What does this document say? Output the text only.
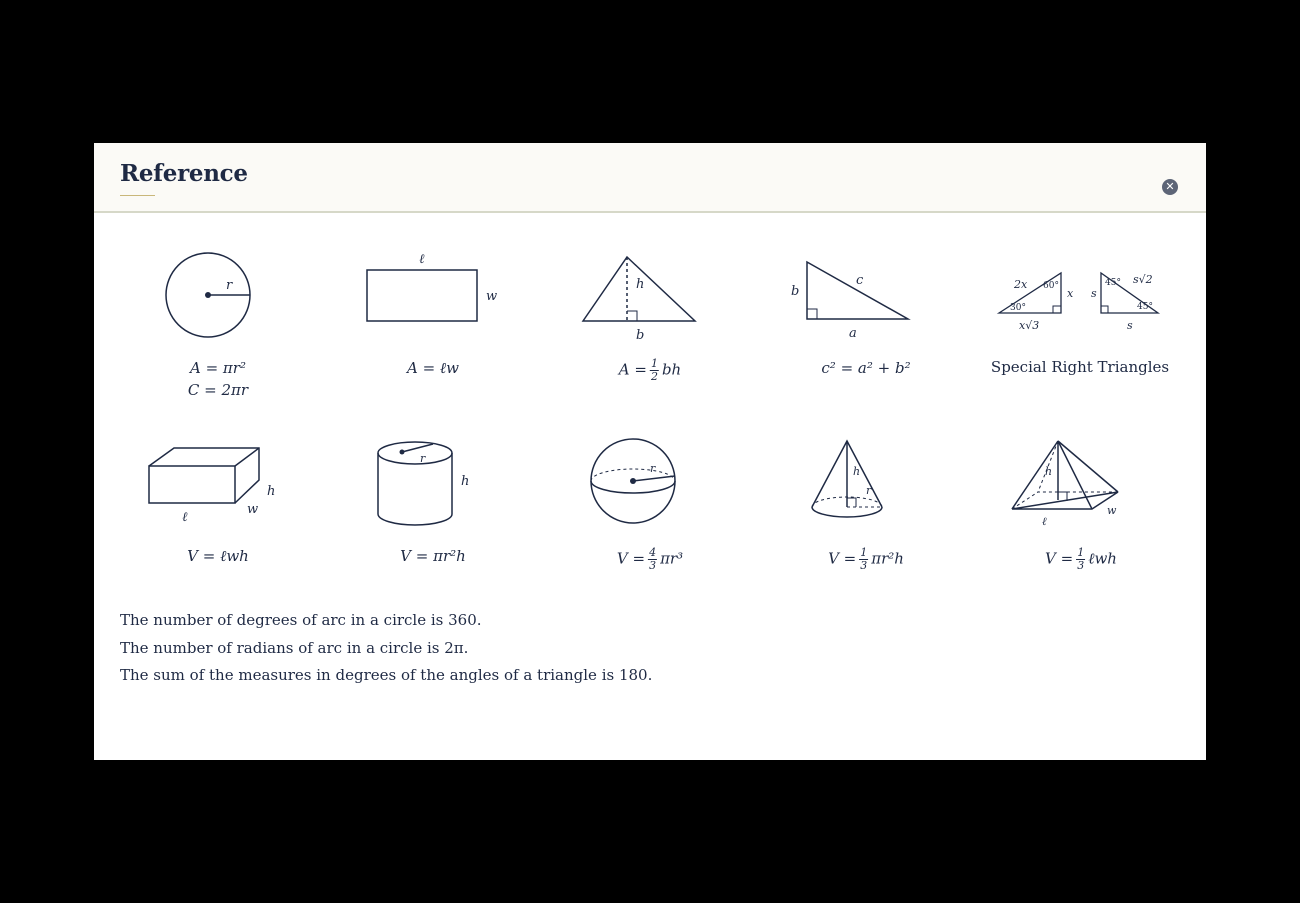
Reference	✕
r
A = πr²
C = 2πr
ℓ
w
A = ℓw
h
b
$A = \frac{1}{2}$ bh
b
c
a
c² = a² + b²
2x 60°
30°
x
x√3
45° s√2
s
45°
s
Special Right Triangles
h
w
ℓ
V = ℓwh
r
h
V = πr²h
r
$V = \frac{4}{3} \pi r^3$
h
r
$V = \frac{1}{3} \pi r^2h$
h
ℓ
w
$V = \frac{1}{3}$ ℓwh
The number of degrees of arc in a circle is 360.
The number of radians of arc in a circle is 2π.
The sum of the measures in degrees of the angles of a triangle is 180.
